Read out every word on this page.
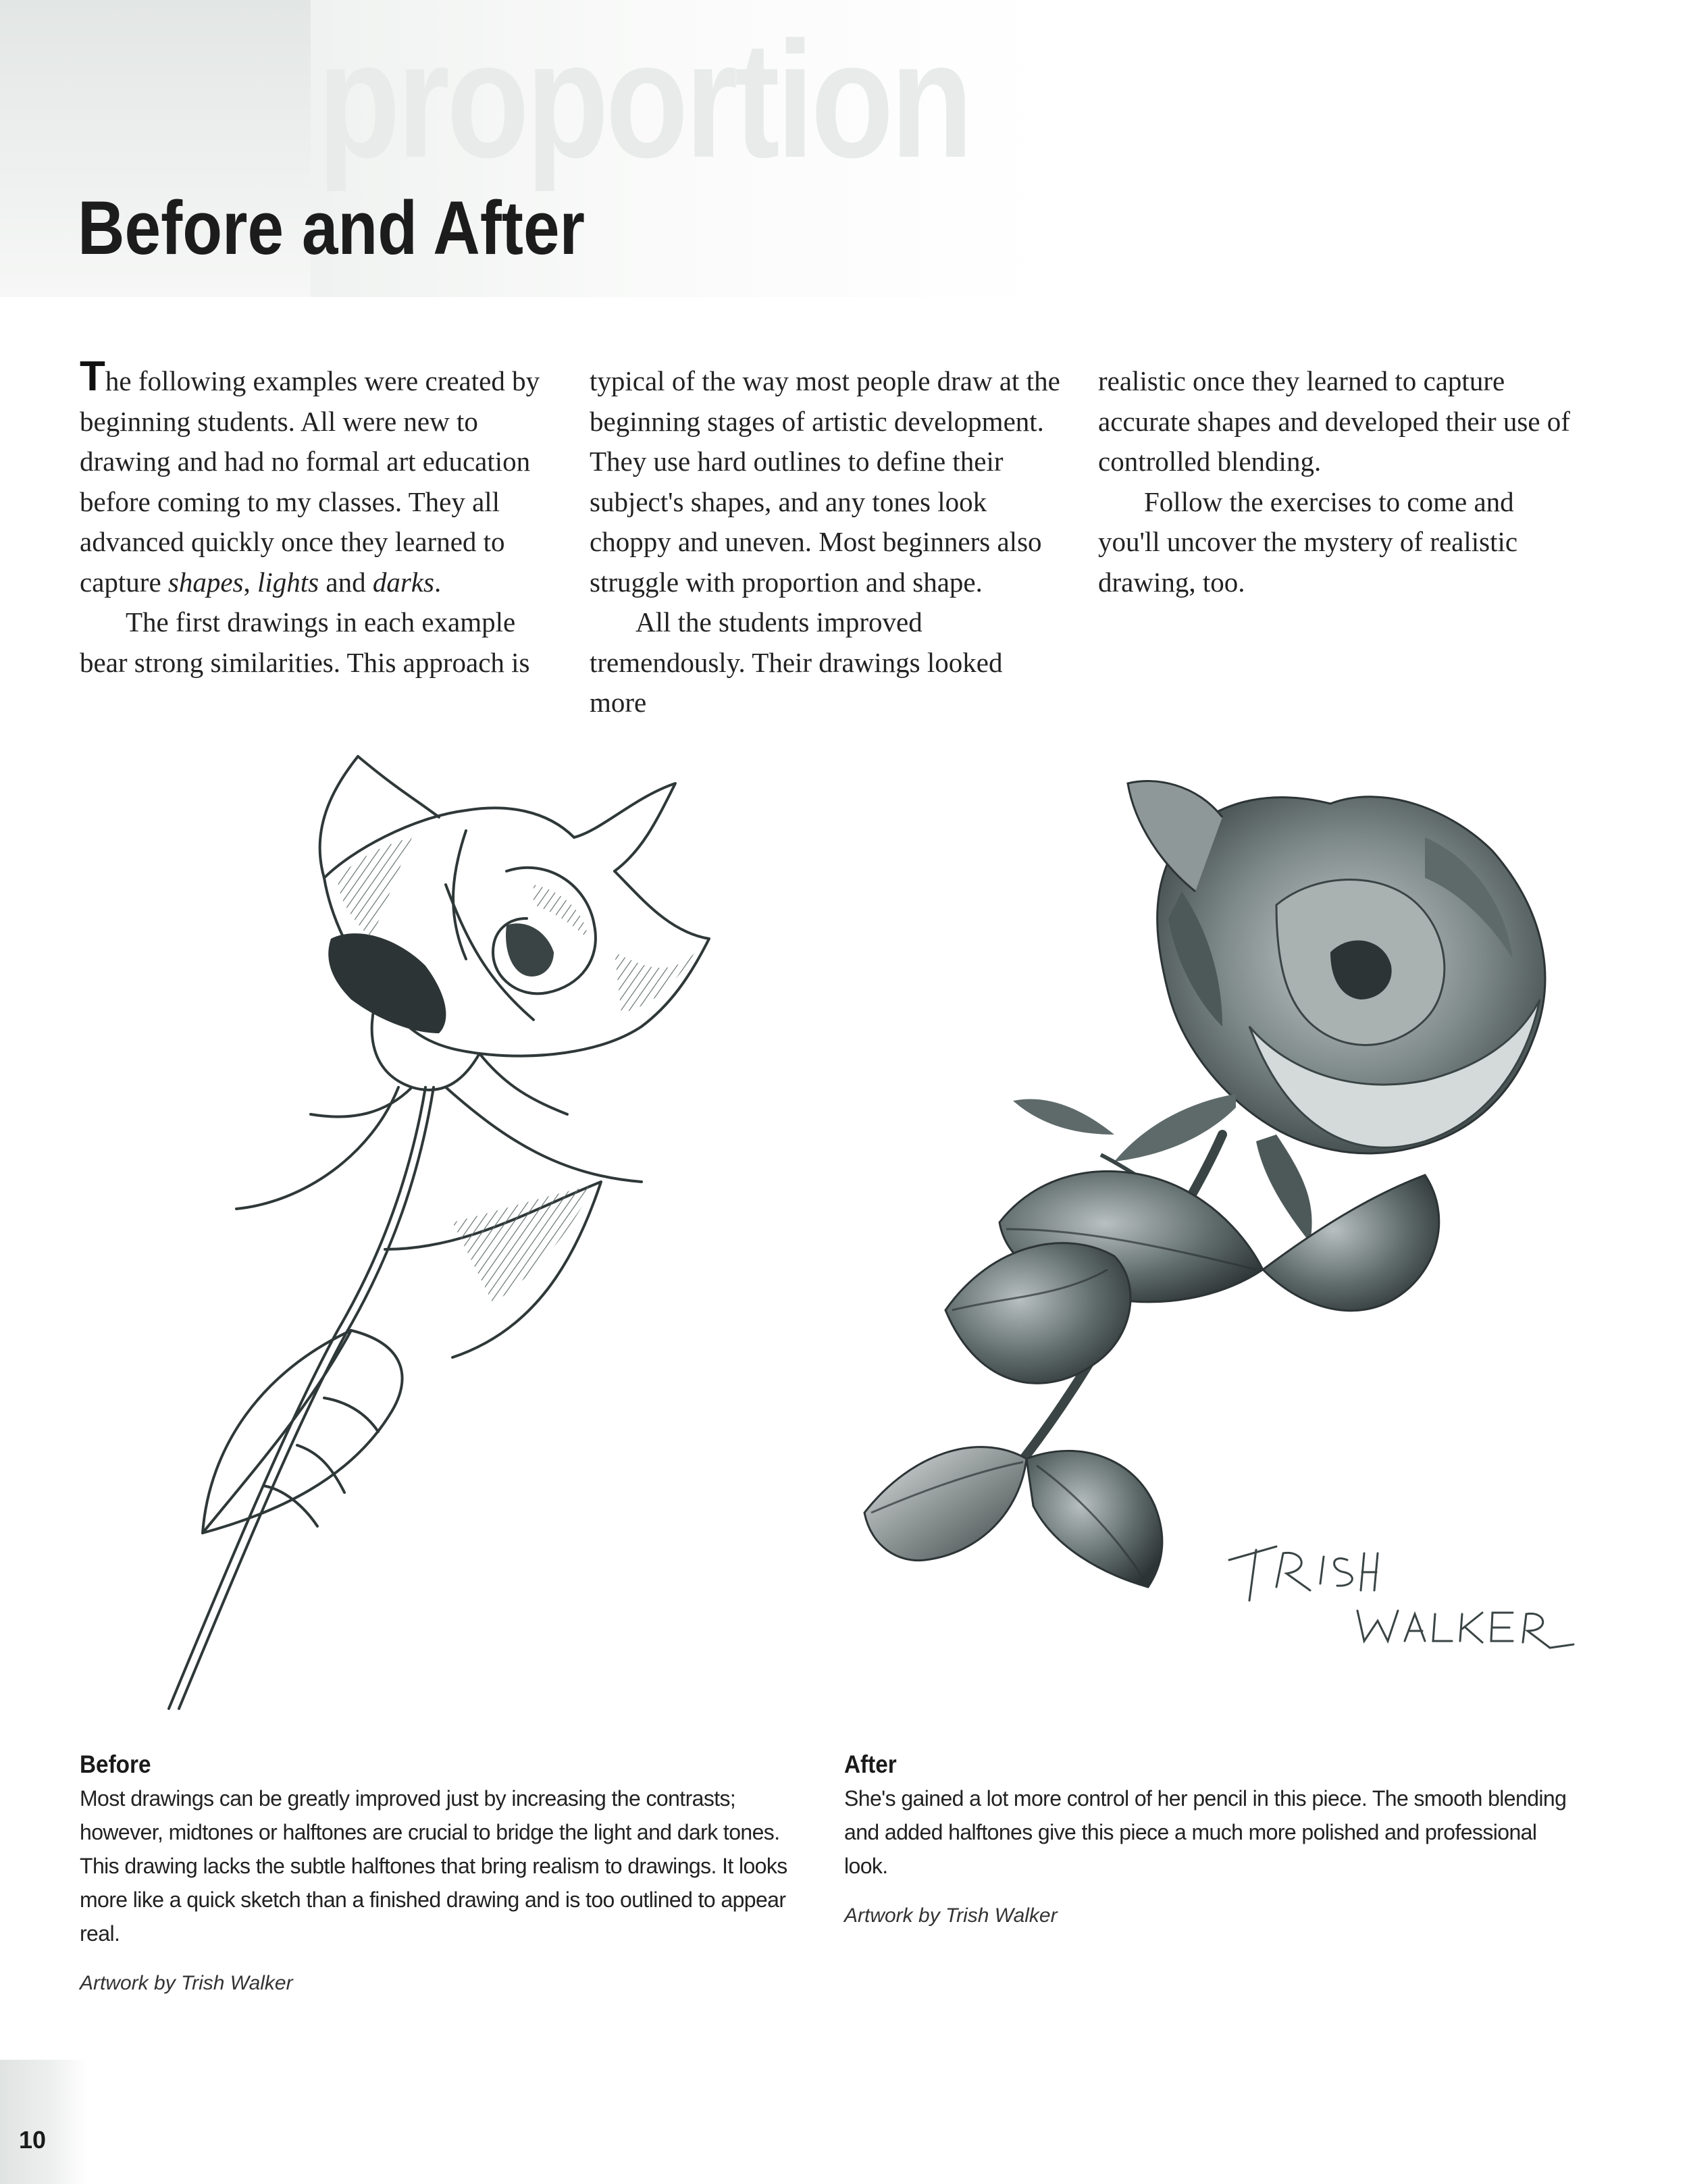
proportion
Before and After

The following examples were created by beginning students. All were new to drawing and had no formal art education before coming to my classes. They all advanced quickly once they learned to capture shapes, lights and darks.

The first drawings in each example bear strong similarities. This approach is

typical of the way most people draw at the beginning stages of artistic development. They use hard outlines to define their subject's shapes, and any tones look choppy and uneven. Most beginners also struggle with proportion and shape.

All the students improved tremendously. Their drawings looked more

realistic once they learned to capture accurate shapes and developed their use of controlled blending.

Follow the exercises to come and you'll uncover the mystery of realistic drawing, too.

Before

Most drawings can be greatly improved just by increasing the contrasts; however, midtones or halftones are crucial to bridge the light and dark tones. This drawing lacks the subtle halftones that bring realism to drawings. It looks more like a quick sketch than a finished drawing and is too outlined to appear real.

Artwork by Trish Walker

After

She's gained a lot more control of her pencil in this piece. The smooth blending and added halftones give this piece a much more polished and professional look.

Artwork by Trish Walker

10
